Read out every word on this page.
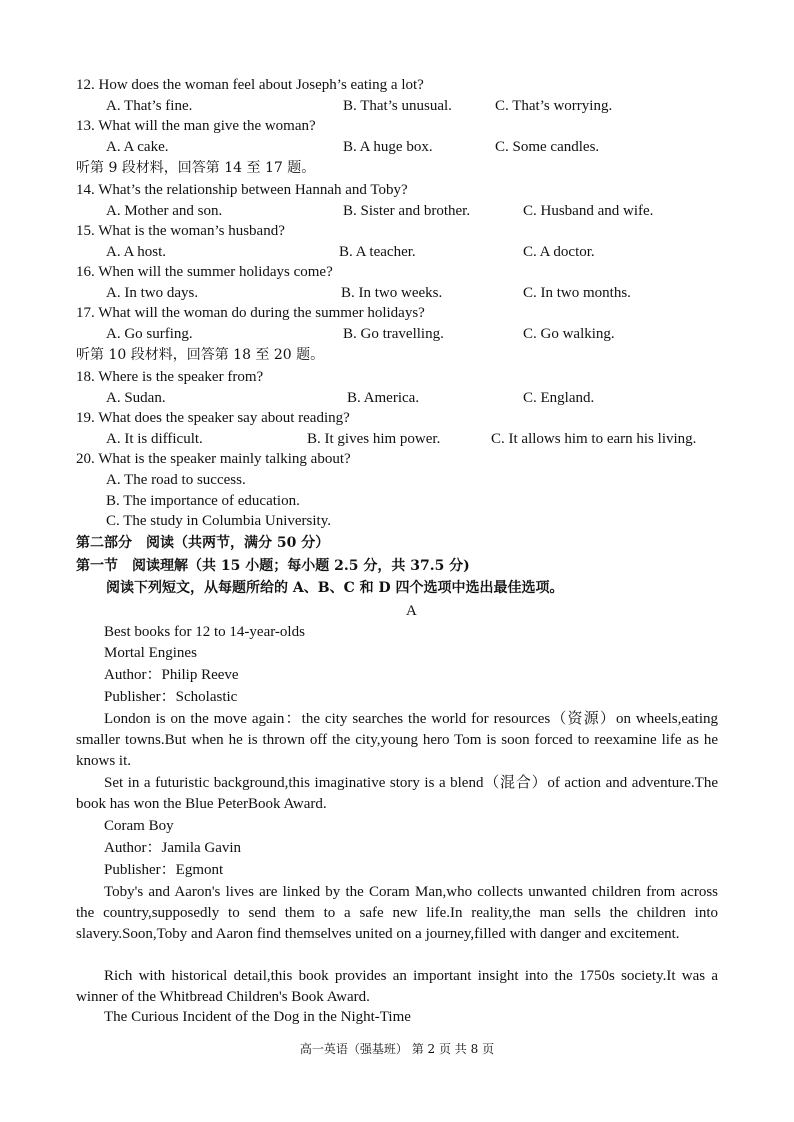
12. How does the woman feel about Joseph’s eating a lot?
A. That’s fine.	B. That’s unusual.	C. That’s worrying.
13. What will the man give the woman?
A. A cake.	B. A huge box.	C. Some candles.
听第 9 段材料，回答第 14 至 17 题。
14. What’s the relationship between Hannah and Toby?
A. Mother and son.	B. Sister and brother.	C. Husband and wife.
15. What is the woman’s husband?
A. A host.	B. A teacher.	C. A doctor.
16. When will the summer holidays come?
A. In two days.	B. In two weeks.	C. In two months.
17. What will the woman do during the summer holidays?
A. Go surfing.	B. Go travelling.	C. Go walking.
听第 10 段材料，回答第 18 至 20 题。
18. Where is the speaker from?
A. Sudan.	B. America.	C. England.
19. What does the speaker say about reading?
A. It is difficult.	B. It gives him power.	C. It allows him to earn his living.
20. What is the speaker mainly talking about?
A. The road to success.
B. The importance of education.
C. The study in Columbia University.
第二部分　阅读（共两节，满分 50 分）
第一节　阅读理解（共 15 小题；每小题 2.5 分，共 37.5 分)
阅读下列短文，从每题所给的 A、B、C 和 D 四个选项中选出最佳选项。
A
Best books for 12 to 14-year-olds
Mortal Engines
Author：Philip Reeve
Publisher：Scholastic

London is on the move again：the city searches the world for resources（资源）on wheels,eating smaller towns.But when he is thrown off the city,young hero Tom is soon forced to reexamine life as he knows it.

Set in a futuristic background,this imaginative story is a blend（混合）of action and adventure.The book has won the Blue PeterBook Award.

Coram Boy
Author：Jamila Gavin
Publisher：Egmont

Toby's and Aaron's lives are linked by the Coram Man,who collects unwanted children from across the country,supposedly to send them to a safe new life.In reality,the man sells the children into slavery.Soon,Toby and Aaron find themselves united on a journey,filled with danger and excitement.

Rich with historical detail,this book provides an important insight into the 1750s society.It was a winner of the Whitbread Children's Book Award.

The Curious Incident of the Dog in the Night-Time
高一英语（强基班） 第 2 页 共 8 页
